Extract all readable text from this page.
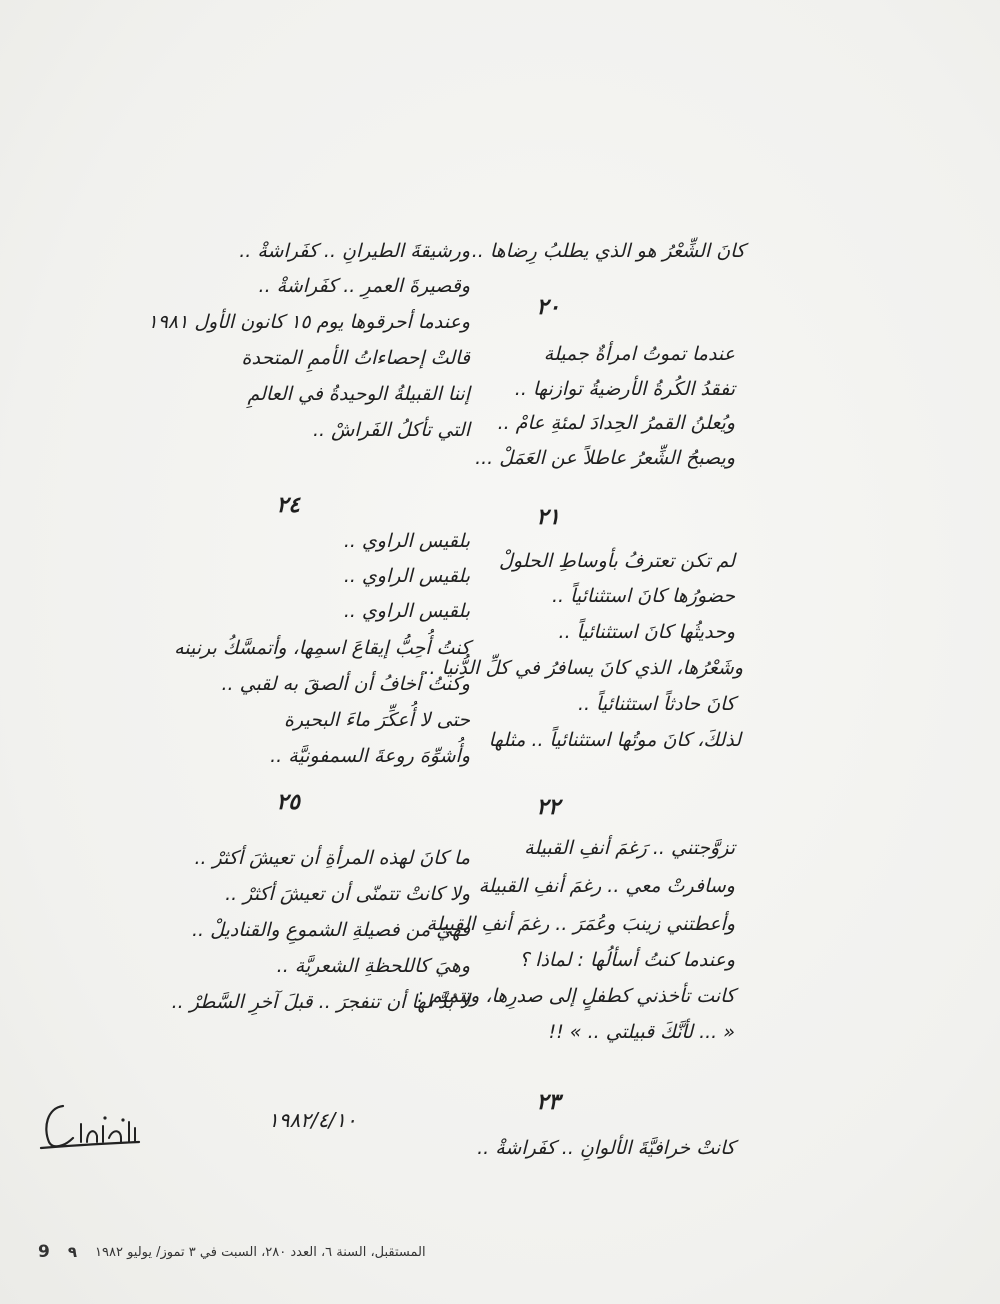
كانَ الشِّعْرُ هو الذي يطلبُ رِضاها ..
٢٠
عندما تموتُ امرأةٌ جميلة
تفقدُ الكُرةُ الأرضيةُ توازنها ..
ويُعلنُ القمرُ الحِدادَ لمئةِ عامْ ..
ويصبحُ الشِّعرُ عاطلاً عن العَمَلْ ...
٢١
لم تكن تعترفُ بأوساطِ الحلولْ
حضورُها كانَ استثنائياً ..
وحديثُها كانَ استثنائياً ..
وشَعْرُها، الذي كانَ يسافرُ في كلِّ الدُّنيا ..
كانَ حادثاً استثنائياً ..
لذلكَ، كانَ موتُها استثنائياً .. مثلها
٢٢
تزوَّجتني .. رَغمَ أنفِ القبيلة
وسافرتْ معي .. رغمَ أنفِ القبيلة
وأعطتني زينبَ وعُمَرَ .. رغمَ أنفِ القبيلة
وعندما كنتُ أسألُها : لماذا ؟
كانت تأخذني كطفلٍ إلى صدرِها، وتتمتم :
« ... لأنَّكَ قبيلتي .. » !!
٢٣
كانتْ خرافيَّةَ الألوانِ .. كفَراشةْ ..
ورشيقةَ الطيرانِ .. كفَراشةْ ..
وقصيرةَ العمرِ .. كفَراشةْ ..
وعندما أحرقوها يوم ١٥ كانون الأول ١٩٨١
قالتْ إحصاءاتُ الأممِ المتحدة
إننا القبيلةُ الوحيدةُ في العالمِ
التي تأكلُ الفَراشْ ..
٢٤
بلقيس الراوي ..
بلقيس الراوي ..
بلقيس الراوي ..
كنتُ أُحِبُّ إيقاعَ اسمِها، وأتمسَّكُ برنينه
وكنتُ أخافُ أن ألصقَ به لقبي ..
حتى لا أُعكِّرَ ماءَ البحيرة
وأُشوِّهَ روعةَ السمفونيَّة ..
٢٥
ما كانَ لهذه المرأةِ أن تعيشَ أكثرْ ..
ولا كانتْ تتمنّى أن تعيشَ أكثرْ ..
فهيَ من فصيلةِ الشموعِ والقناديلْ ..
وهيَ كاللحظةِ الشعريَّة ..
لا بُدَّ لها أن تنفجرَ .. قبلَ آخرِ السَّطرْ ..
١٩٨٢/٤/١٠
9 ٩ المستقبل، السنة ٦، العدد ٢٨٠، السبت في ٣ تموز/ يوليو ١٩٨٢
